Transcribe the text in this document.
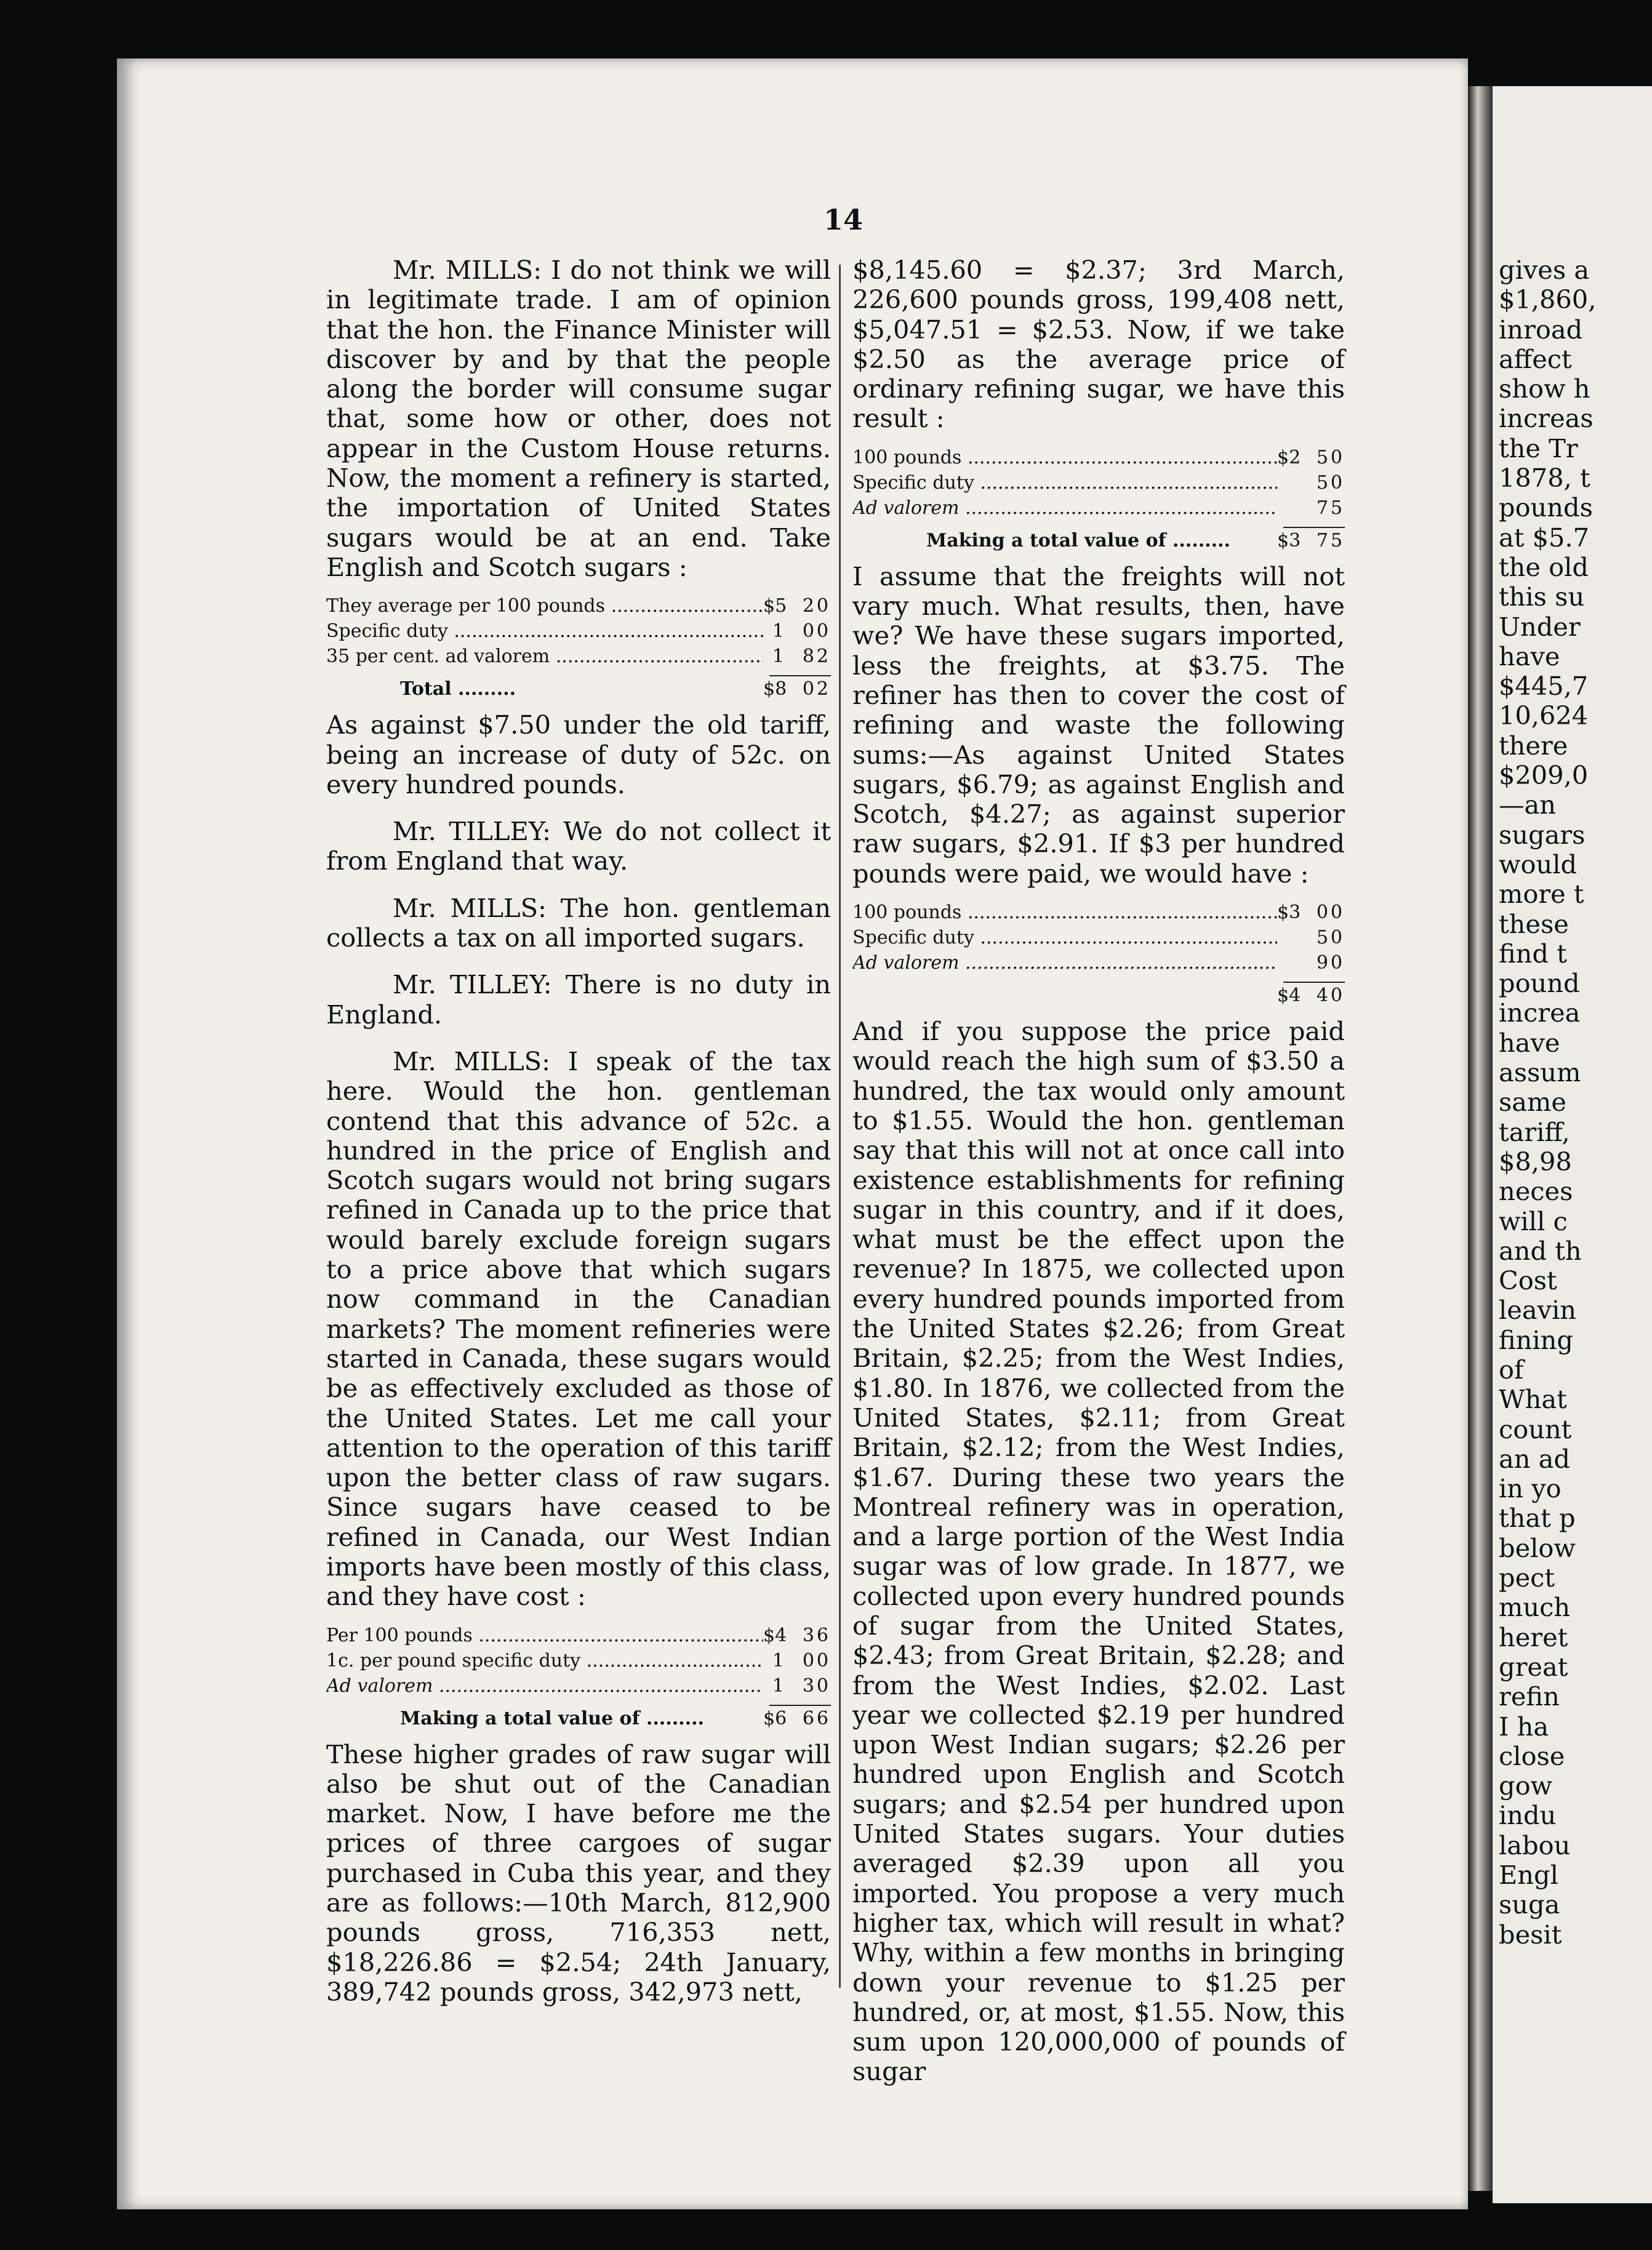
14

Mr. MILLS: I do not think we will in legitimate trade. I am of opinion that the hon. the Finance Minister will discover by and by that the people along the border will consume sugar that, some how or other, does not appear in the Custom House returns. Now, the moment a refinery is started, the importation of United States sugars would be at an end. Take English and Scotch sugars :

They average per 100 pounds .....	$5 20
Specific duty .....	1 00
35 per cent. ad valorem .....	1 82
Total .........	$8 02

As against $7.50 under the old tariff, being an increase of duty of 52c. on every hundred pounds.

Mr. TILLEY: We do not collect it from England that way.

Mr. MILLS: The hon. gentleman collects a tax on all imported sugars.

Mr. TILLEY: There is no duty in England.

Mr. MILLS: I speak of the tax here. Would the hon. gentleman contend that this advance of 52c. a hundred in the price of English and Scotch sugars would not bring sugars refined in Canada up to the price that would barely exclude foreign sugars to a price above that which sugars now command in the Canadian markets? The moment refineries were started in Canada, these sugars would be as effectively excluded as those of the United States. Let me call your attention to the operation of this tariff upon the better class of raw sugars. Since sugars have ceased to be refined in Canada, our West Indian imports have been mostly of this class, and they have cost :

Per 100 pounds .....	$4 36
1c. per pound specific duty .....	1 00
Ad valorem .....	1 30
Making a total value of .........	$6 66

These higher grades of raw sugar will also be shut out of the Canadian market. Now, I have before me the prices of three cargoes of sugar purchased in Cuba this year, and they are as follows:—10th March, 812,900 pounds gross, 716,353 nett, $18,226.86 = $2.54; 24th January, 389,742 pounds gross, 342,973 nett,

$8,145.60 = $2.37; 3rd March, 226,600 pounds gross, 199,408 nett, $5,047.51 = $2.53. Now, if we take $2.50 as the average price of ordinary refining sugar, we have this result :

100 pounds .....	$2 50
Specific duty .....	50
Ad valorem .....	75
Making a total value of .........	$3 75

I assume that the freights will not vary much. What results, then, have we? We have these sugars imported, less the freights, at $3.75. The refiner has then to cover the cost of refining and waste the following sums:—As against United States sugars, $6.79; as against English and Scotch, $4.27; as against superior raw sugars, $2.91. If $3 per hundred pounds were paid, we would have :

100 pounds .....	$3 00
Specific duty .....	50
Ad valorem .....	90
$4 40

And if you suppose the price paid would reach the high sum of $3.50 a hundred, the tax would only amount to $1.55. Would the hon. gentleman say that this will not at once call into existence establishments for refining sugar in this country, and if it does, what must be the effect upon the revenue? In 1875, we collected upon every hundred pounds imported from the United States $2.26; from Great Britain, $2.25; from the West Indies, $1.80. In 1876, we collected from the United States, $2.11; from Great Britain, $2.12; from the West Indies, $1.67. During these two years the Montreal refinery was in operation, and a large portion of the West India sugar was of low grade. In 1877, we collected upon every hundred pounds of sugar from the United States, $2.43; from Great Britain, $2.28; and from the West Indies, $2.02. Last year we collected $2.19 per hundred upon West Indian sugars; $2.26 per hundred upon English and Scotch sugars; and $2.54 per hundred upon United States sugars. Your duties averaged $2.39 upon all you imported. You propose a very much higher tax, which will result in what? Why, within a few months in bringing down your revenue to $1.25 per hundred, or, at most, $1.55. Now, this sum upon 120,000,000 of pounds of sugar

gives a
$1,860,
inroad
affect
show h
increas
the Tr
1878, t
pounds
at $5.7
the old
this su
Under
have
$445,7
10,624
there
$209,0
—an
sugars
would
more t
these
find t
pound
increa
have
assum
same
tariff,
$8,98
neces
will c
and th
Cost
leavin
fining
of
What
count
an ad
in yo
that p
below
pect
much
heret
great
refin
I ha
close
gow
indu
labou
Engl
suga
besit
